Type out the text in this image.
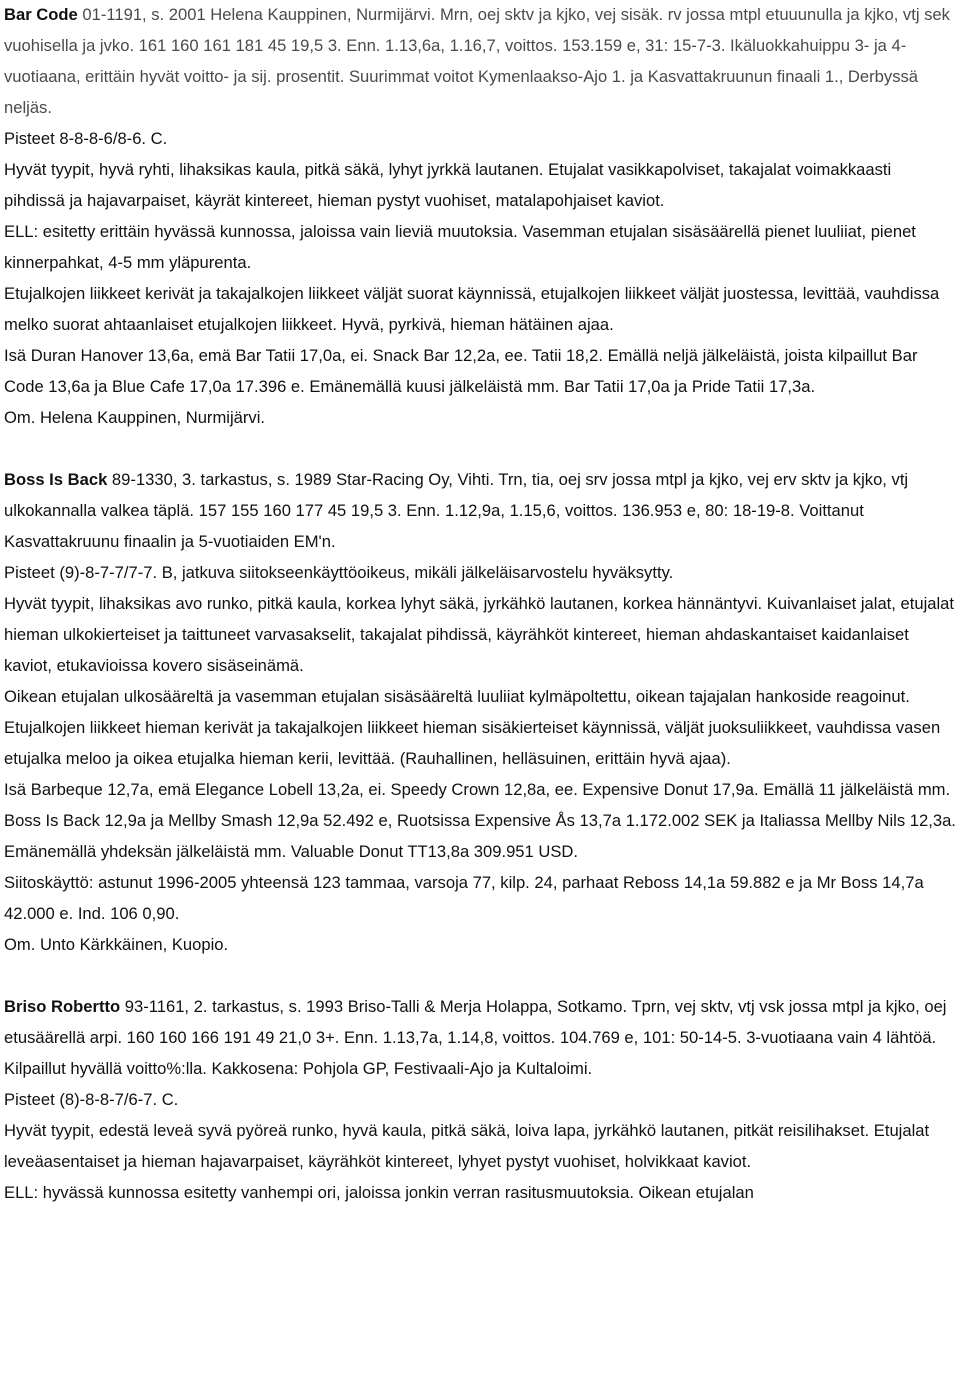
Bar Code 01-1191, s. 2001 Helena Kauppinen, Nurmijärvi. Mrn, oej sktv ja kjko, vej sisäk. rv jossa mtpl etuuunulla ja kjko, vtj sek vuohisella ja jvko. 161 160 161 181 45 19,5 3. Enn. 1.13,6a, 1.16,7, voittos. 153.159 e, 31: 15-7-3. Ikäluokkahuippu 3- ja 4-vuotiaana, erittäin hyvät voitto- ja sij. prosentit. Suurimmat voitot Kymenlaakso-Ajo 1. ja Kasvattakruunun finaali 1., Derbyssä neljäs.

Pisteet 8-8-8-6/8-6. C.

Hyvät tyypit, hyvä ryhti, lihaksikas kaula, pitkä säkä, lyhyt jyrkkä lautanen. Etujalat vasikkapolviset, takajalat voimakkaasti pihdissä ja hajavarpaiset, käyrät kintereet, hieman pystyt vuohiset, matalapohjaiset kaviot.

ELL: esitetty erittäin hyvässä kunnossa, jaloissa vain lieviä muutoksia. Vasemman etujalan sisäsäärellä pienet luuliiat, pienet kinnerpahkat, 4-5 mm yläpurenta.

Etujalkojen liikkeet kerivät ja takajalkojen liikkeet väljät suorat käynnissä, etujalkojen liikkeet väljät juostessa, levittää, vauhdissa melko suorat ahtaanlaiset etujalkojen liikkeet. Hyvä, pyrkivä, hieman hätäinen ajaa.

Isä Duran Hanover 13,6a, emä Bar Tatii 17,0a, ei. Snack Bar 12,2a, ee. Tatii 18,2. Emällä neljä jälkeläistä, joista kilpaillut Bar Code 13,6a ja Blue Cafe 17,0a 17.396 e. Emänemällä kuusi jälkeläistä mm. Bar Tatii 17,0a ja Pride Tatii 17,3a.

Om. Helena Kauppinen, Nurmijärvi.

Boss Is Back 89-1330, 3. tarkastus, s. 1989 Star-Racing Oy, Vihti. Trn, tia, oej srv jossa mtpl ja kjko, vej erv sktv ja kjko, vtj ulkokannalla valkea täplä. 157 155 160 177 45 19,5 3. Enn. 1.12,9a, 1.15,6, voittos. 136.953 e, 80: 18-19-8. Voittanut Kasvattakruunu finaalin ja 5-vuotiaiden EM'n.

Pisteet (9)-8-7-7/7-7. B, jatkuva siitokseenkäyttöoikeus, mikäli jälkeläisarvostelu hyväksytty.

Hyvät tyypit, lihaksikas avo runko, pitkä kaula, korkea lyhyt säkä, jyrkähkö lautanen, korkea hännäntyvi. Kuivanlaiset jalat, etujalat hieman ulkokierteiset ja taittuneet varvasakselit, takajalat pihdissä, käyrähköt kintereet, hieman ahdaskantaiset kaidanlaiset kaviot, etukavioissa kovero sisäseinämä.

Oikean etujalan ulkosääreltä ja vasemman etujalan sisäsääreltä luuliiat kylmäpoltettu, oikean tajajalan hankoside reagoinut.

Etujalkojen liikkeet hieman kerivät ja takajalkojen liikkeet hieman sisäkierteiset käynnissä, väljät juoksuliikkeet, vauhdissa vasen etujalka meloo ja oikea etujalka hieman kerii, levittää. (Rauhallinen, helläsuinen, erittäin hyvä ajaa).

Isä Barbeque 12,7a, emä Elegance Lobell 13,2a, ei. Speedy Crown 12,8a, ee. Expensive Donut 17,9a. Emällä 11 jälkeläistä mm. Boss Is Back 12,9a ja Mellby Smash 12,9a 52.492 e, Ruotsissa Expensive Ås 13,7a 1.172.002 SEK ja Italiassa Mellby Nils 12,3a. Emänemällä yhdeksän jälkeläistä mm. Valuable Donut TT13,8a 309.951 USD.

Siitoskäyttö: astunut 1996-2005 yhteensä 123 tammaa, varsoja 77, kilp. 24, parhaat Reboss 14,1a 59.882 e ja Mr Boss 14,7a 42.000 e. Ind. 106 0,90.

Om. Unto Kärkkäinen, Kuopio.

Briso Robertto 93-1161, 2. tarkastus, s. 1993 Briso-Talli & Merja Holappa, Sotkamo. Tprn, vej sktv, vtj vsk jossa mtpl ja kjko, oej etusäärellä arpi. 160 160 166 191 49 21,0 3+. Enn. 1.13,7a, 1.14,8, voittos. 104.769 e, 101: 50-14-5. 3-vuotiaana vain 4 lähtöä. Kilpaillut hyvällä voitto%:lla. Kakkosena: Pohjola GP, Festivaali-Ajo ja Kultaloimi.

Pisteet (8)-8-8-7/6-7. C.

Hyvät tyypit, edestä leveä syvä pyöreä runko, hyvä kaula, pitkä säkä, loiva lapa, jyrkähkö lautanen, pitkät reisilihakset. Etujalat leveäasentaiset ja hieman hajavarpaiset, käyrähköt kintereet, lyhyet pystyt vuohiset, holvikkaat kaviot.

ELL: hyvässä kunnossa esitetty vanhempi ori, jaloissa jonkin verran rasitusmuutoksia. Oikean etujalan
